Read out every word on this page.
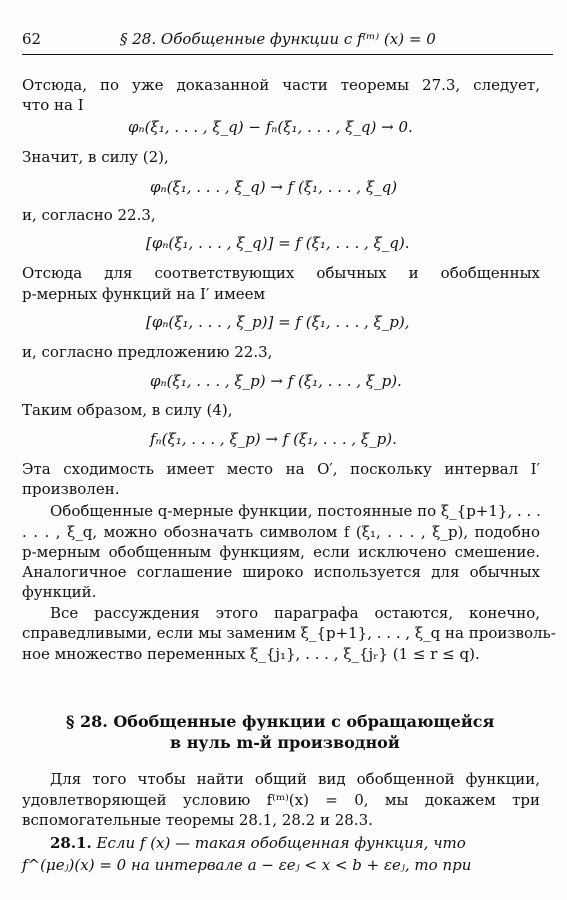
62	§ 28. Обобщенные функции с f⁽ᵐ⁾ (x) = 0
Отсюда, по уже доказанной части теоремы 27.3, следует,
что на I
φₙ(ξ₁, . . . , ξ_q) − fₙ(ξ₁, . . . , ξ_q) → 0.
Значит, в силу (2),
φₙ(ξ₁, . . . , ξ_q) → f (ξ₁, . . . , ξ_q)
и, согласно 22.3,
[φₙ(ξ₁, . . . , ξ_q)] = f (ξ₁, . . . , ξ_q).
Отсюда для соответствующих обычных и обобщенных
p-мерных функций на I′ имеем
[φₙ(ξ₁, . . . , ξ_p)] = f (ξ₁, . . . , ξ_p),
и, согласно предложению 22.3,
φₙ(ξ₁, . . . , ξ_p) → f (ξ₁, . . . , ξ_p).
Таким образом, в силу (4),
fₙ(ξ₁, . . . , ξ_p) → f (ξ₁, . . . , ξ_p).
Эта сходимость имеет место на O′, поскольку интервал I′
произволен.
Обобщенные q-мерные функции, постоянные по ξ_{p+1}, . . .
. . . , ξ_q, можно обозначать символом f (ξ₁, . . . , ξ_p), подобно
p-мерным обобщенным функциям, если исключено смешение.
Аналогичное соглашение широко используется для обычных
функций.
Все рассуждения этого параграфа остаются, конечно,
справедливыми, если мы заменим ξ_{p+1}, . . . , ξ_q на произволь-
ное множество переменных ξ_{j₁}, . . . , ξ_{jᵣ} (1 ≤ r ≤ q).
§ 28. Обобщенные функции с обращающейся
в нуль m-й производной
Для того чтобы найти общий вид обобщенной функции,
удовлетворяющей условию f⁽ᵐ⁾(x) = 0, мы докажем три
вспомогательные теоремы 28.1, 28.2 и 28.3.
28.1. Если f (x) — такая обобщенная функция, что
f^(μeⱼ)(x) = 0 на интервале a − εeⱼ < x < b + εeⱼ, то при
